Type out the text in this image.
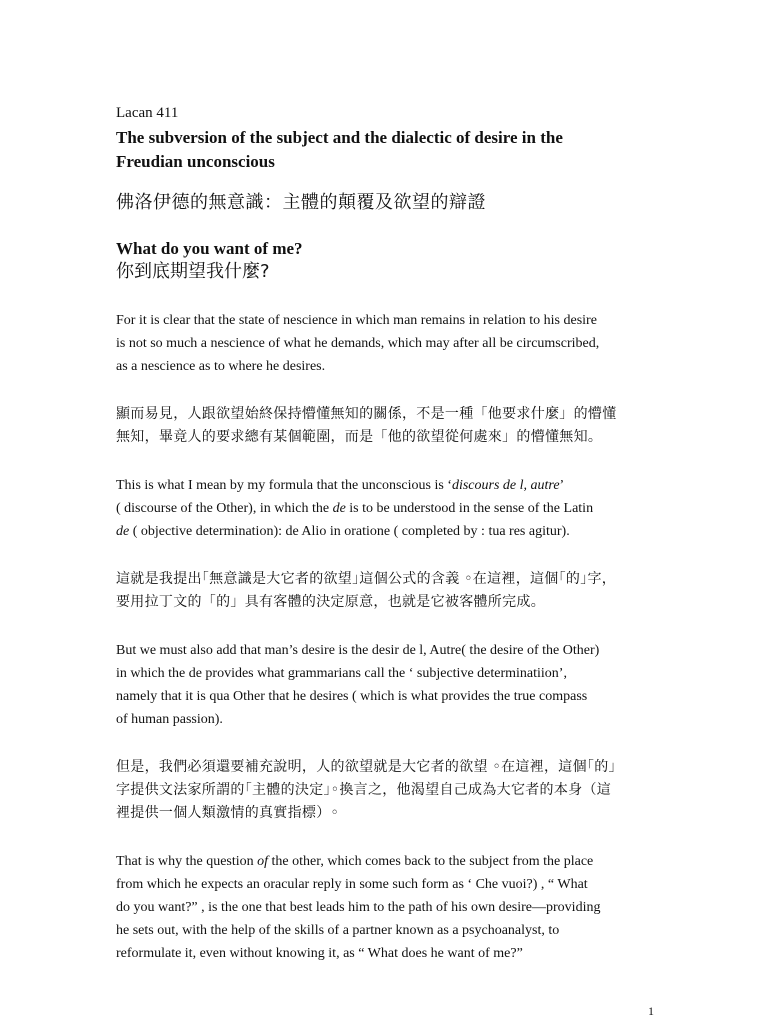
Lacan 411

The subversion of the subject and the dialectic of desire in the
Freudian unconscious

佛洛伊德的無意識：主體的顛覆及欲望的辯證

What do you want of me?

你到底期望我什麼?

For it is clear that the state of nescience in which man remains in relation to his desire
is not so much a nescience of what he demands, which may after all be circumscribed,
as a nescience as to where he desires.
顯而易見，人跟欲望始終保持懵懂無知的關係，不是一種「他要求什麼」的懵懂
無知，畢竟人的要求總有某個範圍，而是「他的欲望從何處來」的懵懂無知。
This is what I mean by my formula that the unconscious is ‘discours de l, autre’
( discourse of the Other), in which the de is to be understood in the sense of the Latin
de ( objective determination): de Alio in oratione ( completed by : tua res agitur).
這就是我提出｢無意識是大它者的欲望｣這個公式的含義 ◦在這裡，這個｢的｣字，
要用拉丁文的「的」具有客體的決定原意，也就是它被客體所完成。
But we must also add that man’s desire is the desir de l, Autre( the desire of the Other)
in which the de provides what grammarians call the ‘ subjective determinatiion’,
namely that it is qua Other that he desires ( which is what provides the true compass
of human passion).
但是，我們必須還要補充說明，人的欲望就是大它者的欲望 ◦在這裡，這個｢的｣
字提供文法家所謂的｢主體的決定｣◦換言之，他渴望自己成為大它者的本身（這
裡提供一個人類激情的真實指標）◦
That is why the question of the other, which comes back to the subject from the place
from which he expects an oracular reply in some such form as ‘ Che vuoi?) , “ What
do you want?” , is the one that best leads him to the path of his own desire—providing
he sets out, with the help of the skills of a partner known as a psychoanalyst, to
reformulate it, even without knowing it, as “ What does he want of me?”
1
